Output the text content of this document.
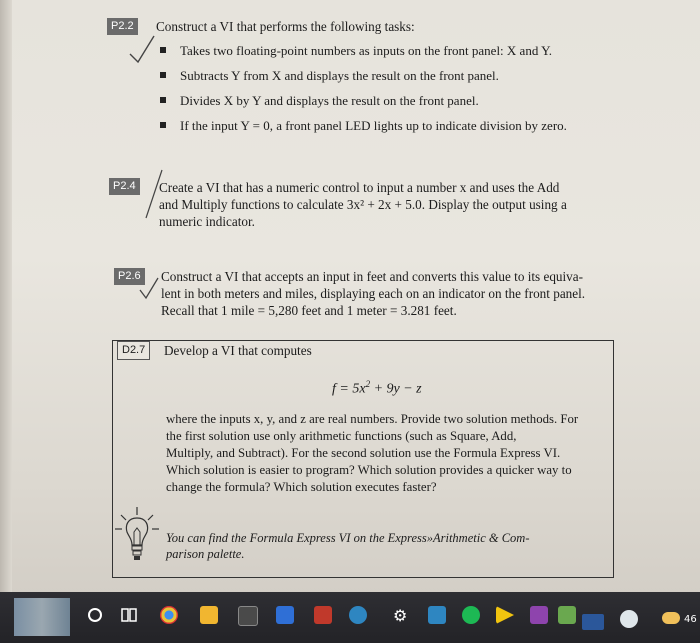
P2.2	Construct a VI that performs the following tasks:
Takes two floating-point numbers as inputs on the front panel: X and Y.
Subtracts Y from X and displays the result on the front panel.
Divides X by Y and displays the result on the front panel.
If the input Y = 0, a front panel LED lights up to indicate division by zero.
P2.4	Create a VI that has a numeric control to input a number x and uses the Add
and Multiply functions to calculate 3x² + 2x + 5.0. Display the output using a
numeric indicator.
P2.6	Construct a VI that accepts an input in feet and converts this value to its equiva-
lent in both meters and miles, displaying each on an indicator on the front panel.
Recall that 1 mile = 5,280 feet and 1 meter = 3.281 feet.
D2.7	Develop a VI that computes
$f = 5x^2 + 9y - z$
where the inputs x, y, and z are real numbers. Provide two solution methods. For
the first solution use only arithmetic functions (such as Square, Add,
Multiply, and Subtract). For the second solution use the Formula Express VI.
Which solution is easier to program? Which solution provides a quicker way to
change the formula? Which solution executes faster?
You can find the Formula Express VI on the Express»Arithmetic & Com-
parison palette.
⚙	46
